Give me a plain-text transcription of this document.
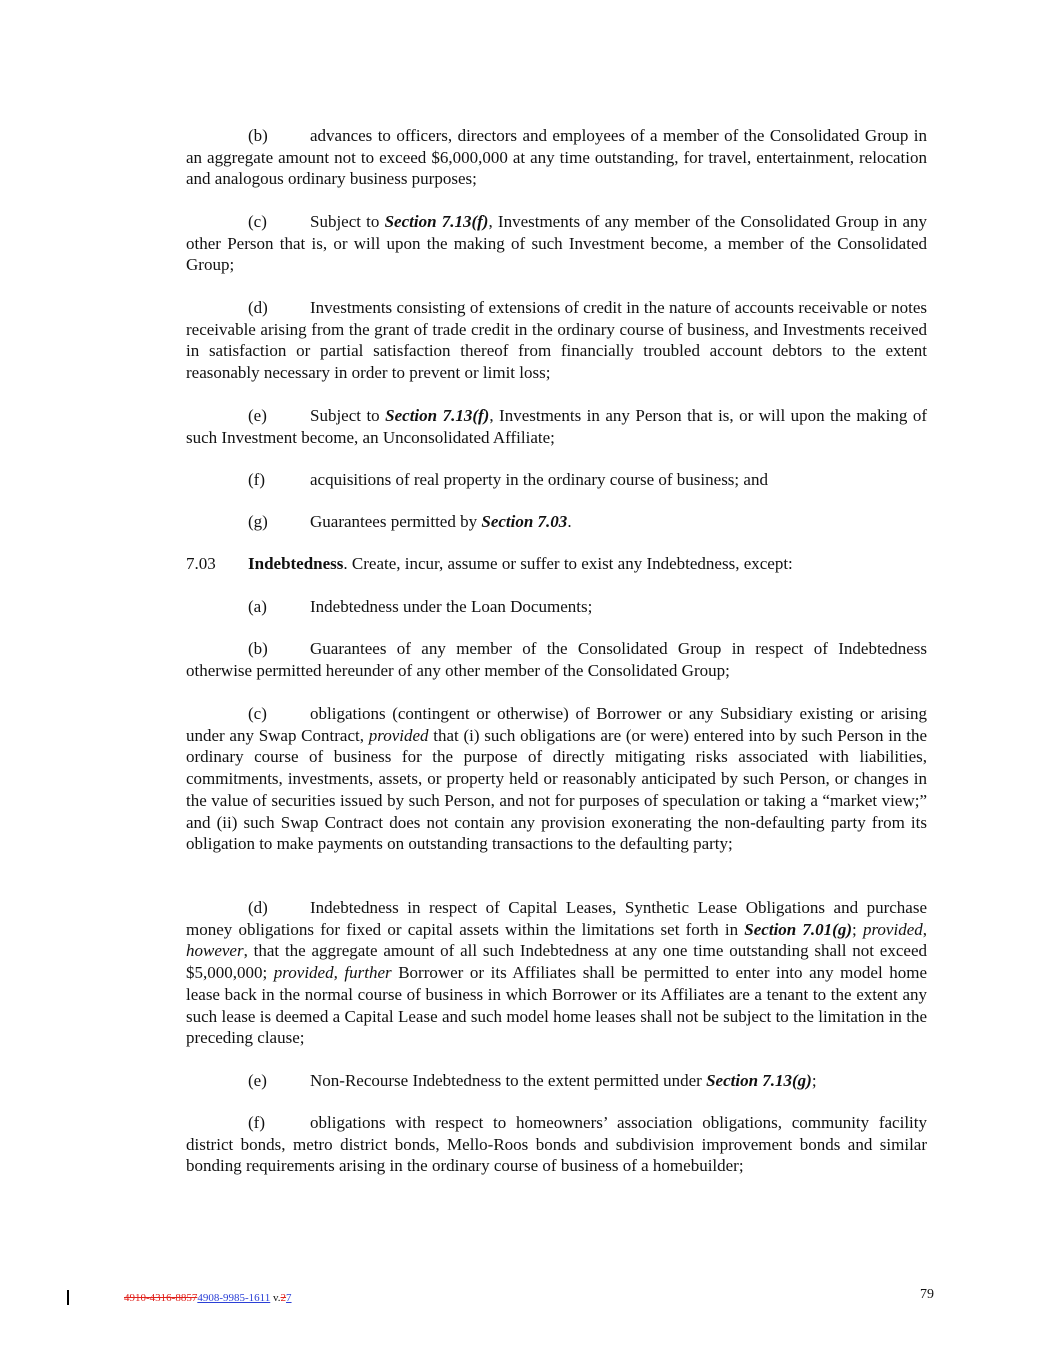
(b) advances to officers, directors and employees of a member of the Consolidated Group in an aggregate amount not to exceed $6,000,000 at any time outstanding, for travel, entertainment, relocation and analogous ordinary business purposes;

(c)	Subject to Section 7.13(f), Investments of any member of the Consolidated Group in any other Person that is, or will upon the making of such Investment become, a member of the Consolidated Group;

(d) Investments consisting of extensions of credit in the nature of accounts receivable or notes receivable arising from the grant of trade credit in the ordinary course of business, and Investments received in satisfaction or partial satisfaction thereof from financially troubled account debtors to the extent reasonably necessary in order to prevent or limit loss;

(e)	Subject to Section 7.13(f), Investments in any Person that is, or will upon the making of such Investment become, an Unconsolidated Affiliate;

(f)	acquisitions of real property in the ordinary course of business; and

(g) Guarantees permitted by Section 7.03.

7.03 Indebtedness. Create, incur, assume or suffer to exist any Indebtedness, except:

(a)	Indebtedness under the Loan Documents;

(b) Guarantees of any member of the Consolidated Group in respect of Indebtedness otherwise permitted hereunder of any other member of the Consolidated Group;

(c)	obligations (contingent or otherwise) of Borrower or any Subsidiary existing or arising under any Swap Contract, provided that (i) such obligations are (or were) entered into by such Person in the ordinary course of business for the purpose of directly mitigating risks associated with liabilities, commitments, investments, assets, or property held or reasonably anticipated by such Person, or changes in the value of securities issued by such Person, and not for purposes of speculation or taking a “market view;” and (ii) such Swap Contract does not contain any provision exonerating the non-defaulting party from its obligation to make payments on outstanding transactions to the defaulting party;

(d) Indebtedness in respect of Capital Leases, Synthetic Lease Obligations and purchase money obligations for fixed or capital assets within the limitations set forth in Section 7.01(g); provided, however, that the aggregate amount of all such Indebtedness at any one time outstanding shall not exceed $5,000,000; provided, further Borrower or its Affiliates shall be permitted to enter into any model home lease back in the normal course of business in which Borrower or its Affiliates are a tenant to the extent any such lease is deemed a Capital Lease and such model home leases shall not be subject to the limitation in the preceding clause;

(e)	Non-Recourse Indebtedness to the extent permitted under Section 7.13(g);

(f)	obligations with respect to homeowners’ association obligations, community facility district bonds, metro district bonds, Mello-Roos bonds and subdivision improvement bonds and similar bonding requirements arising in the ordinary course of business of a homebuilder;

4910-4316-88574908-9985-1611 v.27	79
